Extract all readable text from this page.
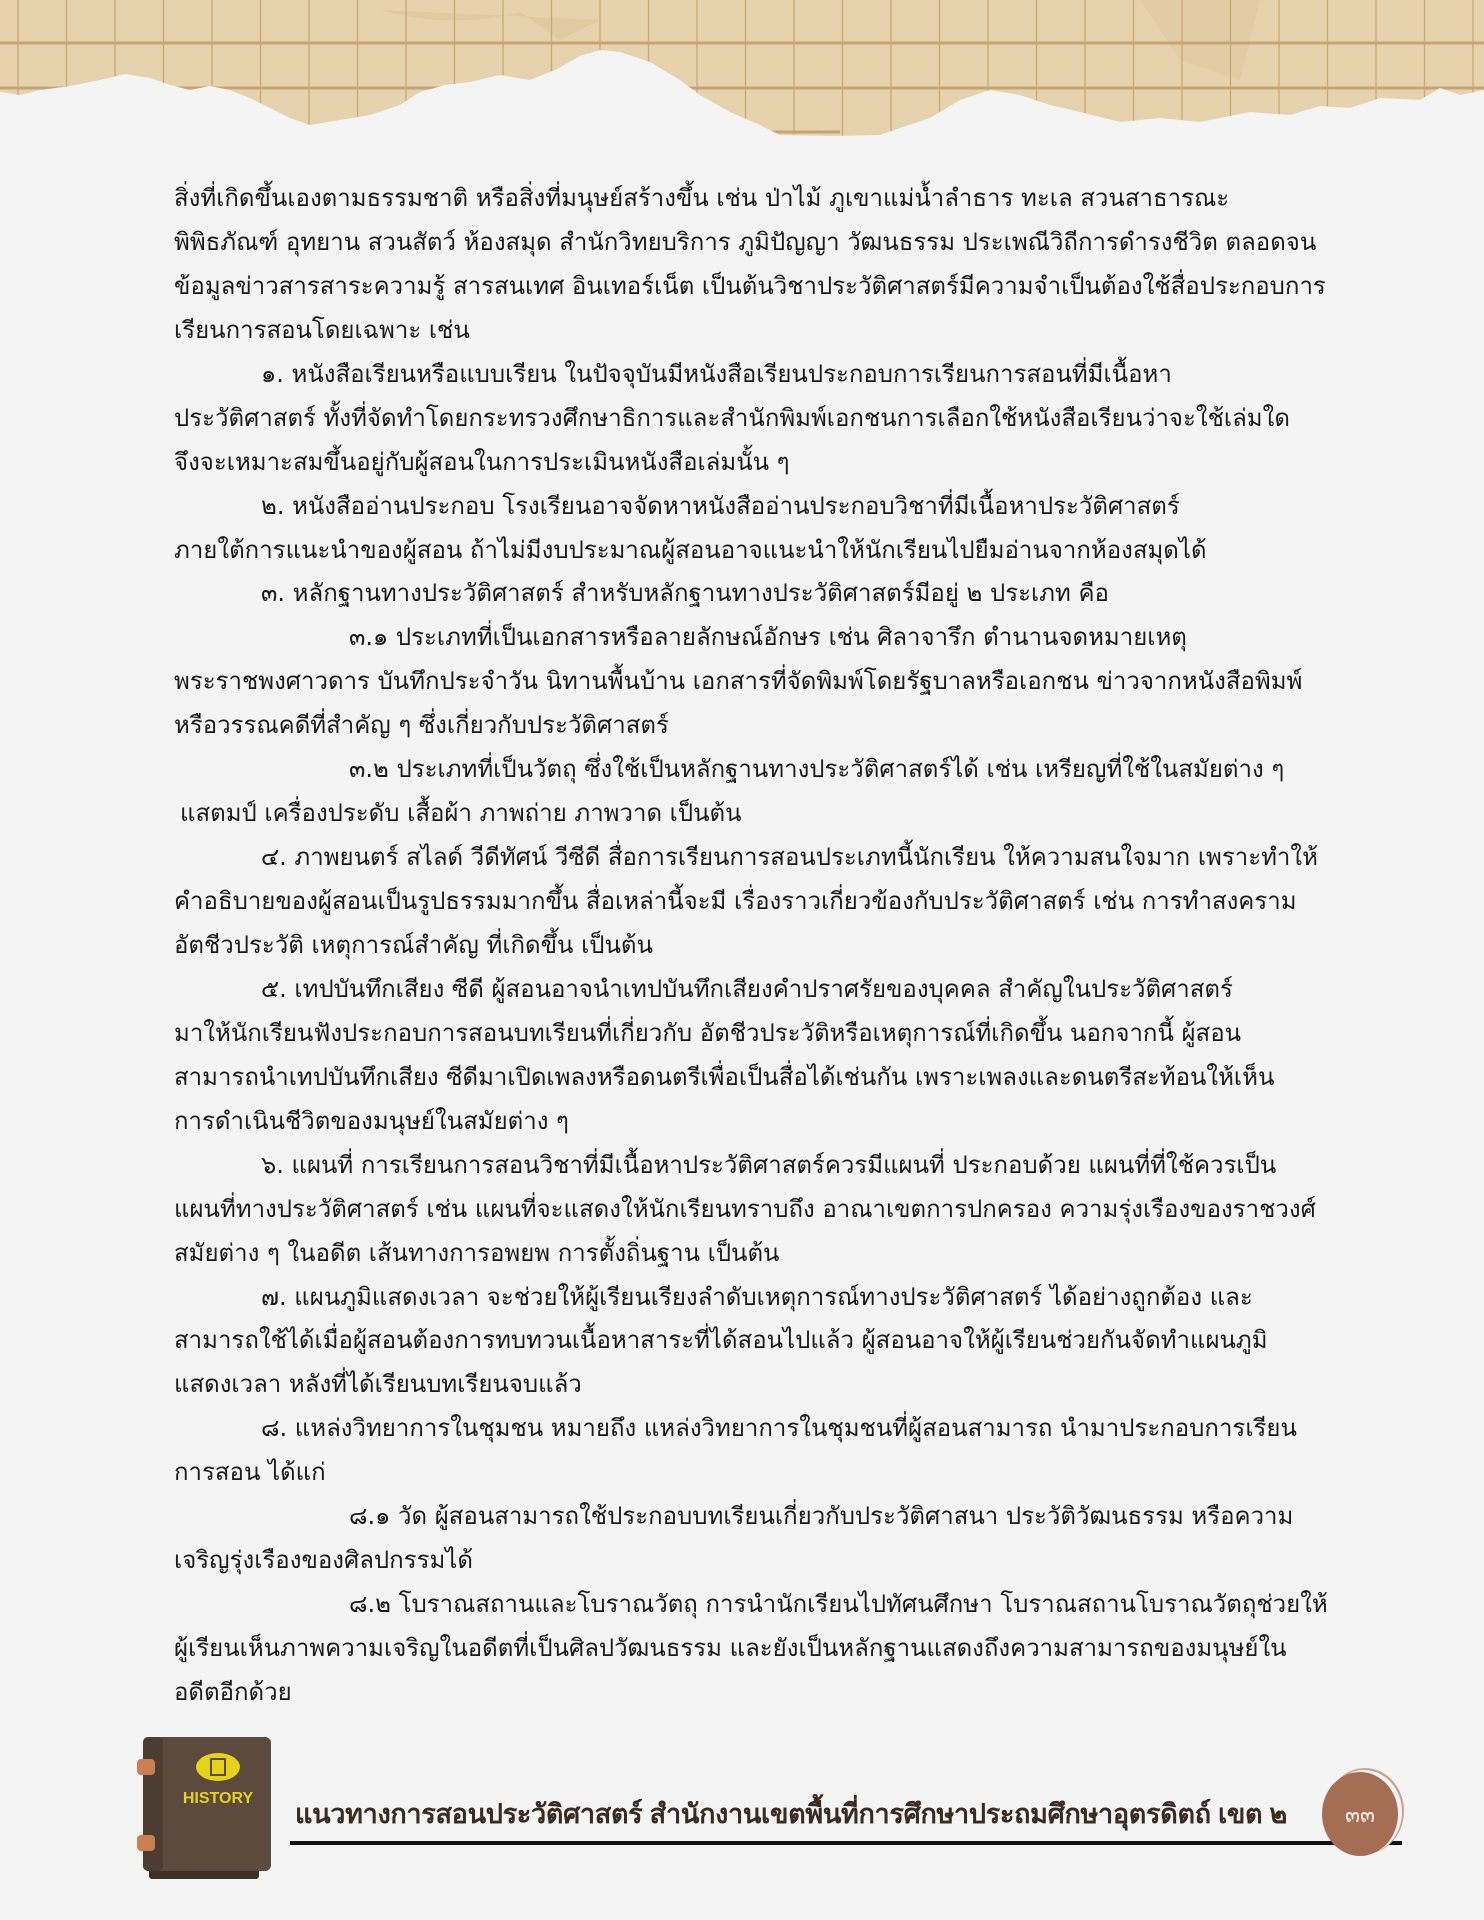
สิ่งที่เกิดขึ้นเองตามธรรมชาติ หรือสิ่งที่มนุษย์สร้างขึ้น เช่น ป่าไม้ ภูเขาแม่น้ำลำธาร ทะเล สวนสาธารณะ
พิพิธภัณฑ์ อุทยาน สวนสัตว์ ห้องสมุด สำนักวิทยบริการ ภูมิปัญญา วัฒนธรรม ประเพณีวิถีการดำรงชีวิต ตลอดจน
ข้อมูลข่าวสารสาระความรู้ สารสนเทศ อินเทอร์เน็ต เป็นต้นวิชาประวัติศาสตร์มีความจำเป็นต้องใช้สื่อประกอบการ
เรียนการสอนโดยเฉพาะ เช่น
๑. หนังสือเรียนหรือแบบเรียน ในปัจจุบันมีหนังสือเรียนประกอบการเรียนการสอนที่มีเนื้อหา
ประวัติศาสตร์ ทั้งที่จัดทำโดยกระทรวงศึกษาธิการและสำนักพิมพ์เอกชนการเลือกใช้หนังสือเรียนว่าจะใช้เล่มใด
จึงจะเหมาะสมขึ้นอยู่กับผู้สอนในการประเมินหนังสือเล่มนั้น ๆ
๒. หนังสืออ่านประกอบ โรงเรียนอาจจัดหาหนังสืออ่านประกอบวิชาที่มีเนื้อหาประวัติศาสตร์
ภายใต้การแนะนำของผู้สอน ถ้าไม่มีงบประมาณผู้สอนอาจแนะนำให้นักเรียนไปยืมอ่านจากห้องสมุดได้
๓. หลักฐานทางประวัติศาสตร์ สำหรับหลักฐานทางประวัติศาสตร์มีอยู่ ๒ ประเภท คือ
๓.๑ ประเภทที่เป็นเอกสารหรือลายลักษณ์อักษร เช่น ศิลาจารึก ตำนานจดหมายเหตุ
พระราชพงศาวดาร บันทึกประจำวัน นิทานพื้นบ้าน เอกสารที่จัดพิมพ์โดยรัฐบาลหรือเอกชน ข่าวจากหนังสือพิมพ์
หรือวรรณคดีที่สำคัญ ๆ ซึ่งเกี่ยวกับประวัติศาสตร์
๓.๒ ประเภทที่เป็นวัตถุ ซึ่งใช้เป็นหลักฐานทางประวัติศาสตร์ได้ เช่น เหรียญที่ใช้ในสมัยต่าง ๆ
แสตมป์ เครื่องประดับ เสื้อผ้า ภาพถ่าย ภาพวาด เป็นต้น
๔. ภาพยนตร์ สไลด์ วีดีทัศน์ วีซีดี สื่อการเรียนการสอนประเภทนี้นักเรียน ให้ความสนใจมาก เพราะทำให้
คำอธิบายของผู้สอนเป็นรูปธรรมมากขึ้น สื่อเหล่านี้จะมี เรื่องราวเกี่ยวข้องกับประวัติศาสตร์ เช่น การทำสงคราม
อัตชีวประวัติ เหตุการณ์สำคัญ ที่เกิดขึ้น เป็นต้น
๕. เทปบันทึกเสียง ซีดี ผู้สอนอาจนำเทปบันทึกเสียงคำปราศรัยของบุคคล สำคัญในประวัติศาสตร์
มาให้นักเรียนฟังประกอบการสอนบทเรียนที่เกี่ยวกับ อัตชีวประวัติหรือเหตุการณ์ที่เกิดขึ้น นอกจากนี้ ผู้สอน
สามารถนำเทปบันทึกเสียง ซีดีมาเปิดเพลงหรือดนตรีเพื่อเป็นสื่อได้เช่นกัน เพราะเพลงและดนตรีสะท้อนให้เห็น
การดำเนินชีวิตของมนุษย์ในสมัยต่าง ๆ
๖. แผนที่ การเรียนการสอนวิชาที่มีเนื้อหาประวัติศาสตร์ควรมีแผนที่ ประกอบด้วย แผนที่ที่ใช้ควรเป็น
แผนที่ทางประวัติศาสตร์ เช่น แผนที่จะแสดงให้นักเรียนทราบถึง อาณาเขตการปกครอง ความรุ่งเรืองของราชวงศ์
สมัยต่าง ๆ ในอดีต เส้นทางการอพยพ การตั้งถิ่นฐาน เป็นต้น
๗. แผนภูมิแสดงเวลา จะช่วยให้ผู้เรียนเรียงลำดับเหตุการณ์ทางประวัติศาสตร์ ได้อย่างถูกต้อง และ
สามารถใช้ได้เมื่อผู้สอนต้องการทบทวนเนื้อหาสาระที่ได้สอนไปแล้ว ผู้สอนอาจให้ผู้เรียนช่วยกันจัดทำแผนภูมิ
แสดงเวลา หลังที่ได้เรียนบทเรียนจบแล้ว
๘. แหล่งวิทยาการในชุมชน หมายถึง แหล่งวิทยาการในชุมชนที่ผู้สอนสามารถ นำมาประกอบการเรียน
การสอน ได้แก่
๘.๑ วัด ผู้สอนสามารถใช้ประกอบบทเรียนเกี่ยวกับประวัติศาสนา ประวัติวัฒนธรรม หรือความ
เจริญรุ่งเรืองของศิลปกรรมได้
๘.๒ โบราณสถานและโบราณวัตถุ การนำนักเรียนไปทัศนศึกษา โบราณสถานโบราณวัตถุช่วยให้
ผู้เรียนเห็นภาพความเจริญในอดีตที่เป็นศิลปวัฒนธรรม และยังเป็นหลักฐานแสดงถึงความสามารถของมนุษย์ใน
อดีตอีกด้วย
HISTORY
แนวทางการสอนประวัติศาสตร์ สำนักงานเขตพื้นที่การศึกษาประถมศึกษาอุตรดิตถ์ เขต ๒	๓๓
